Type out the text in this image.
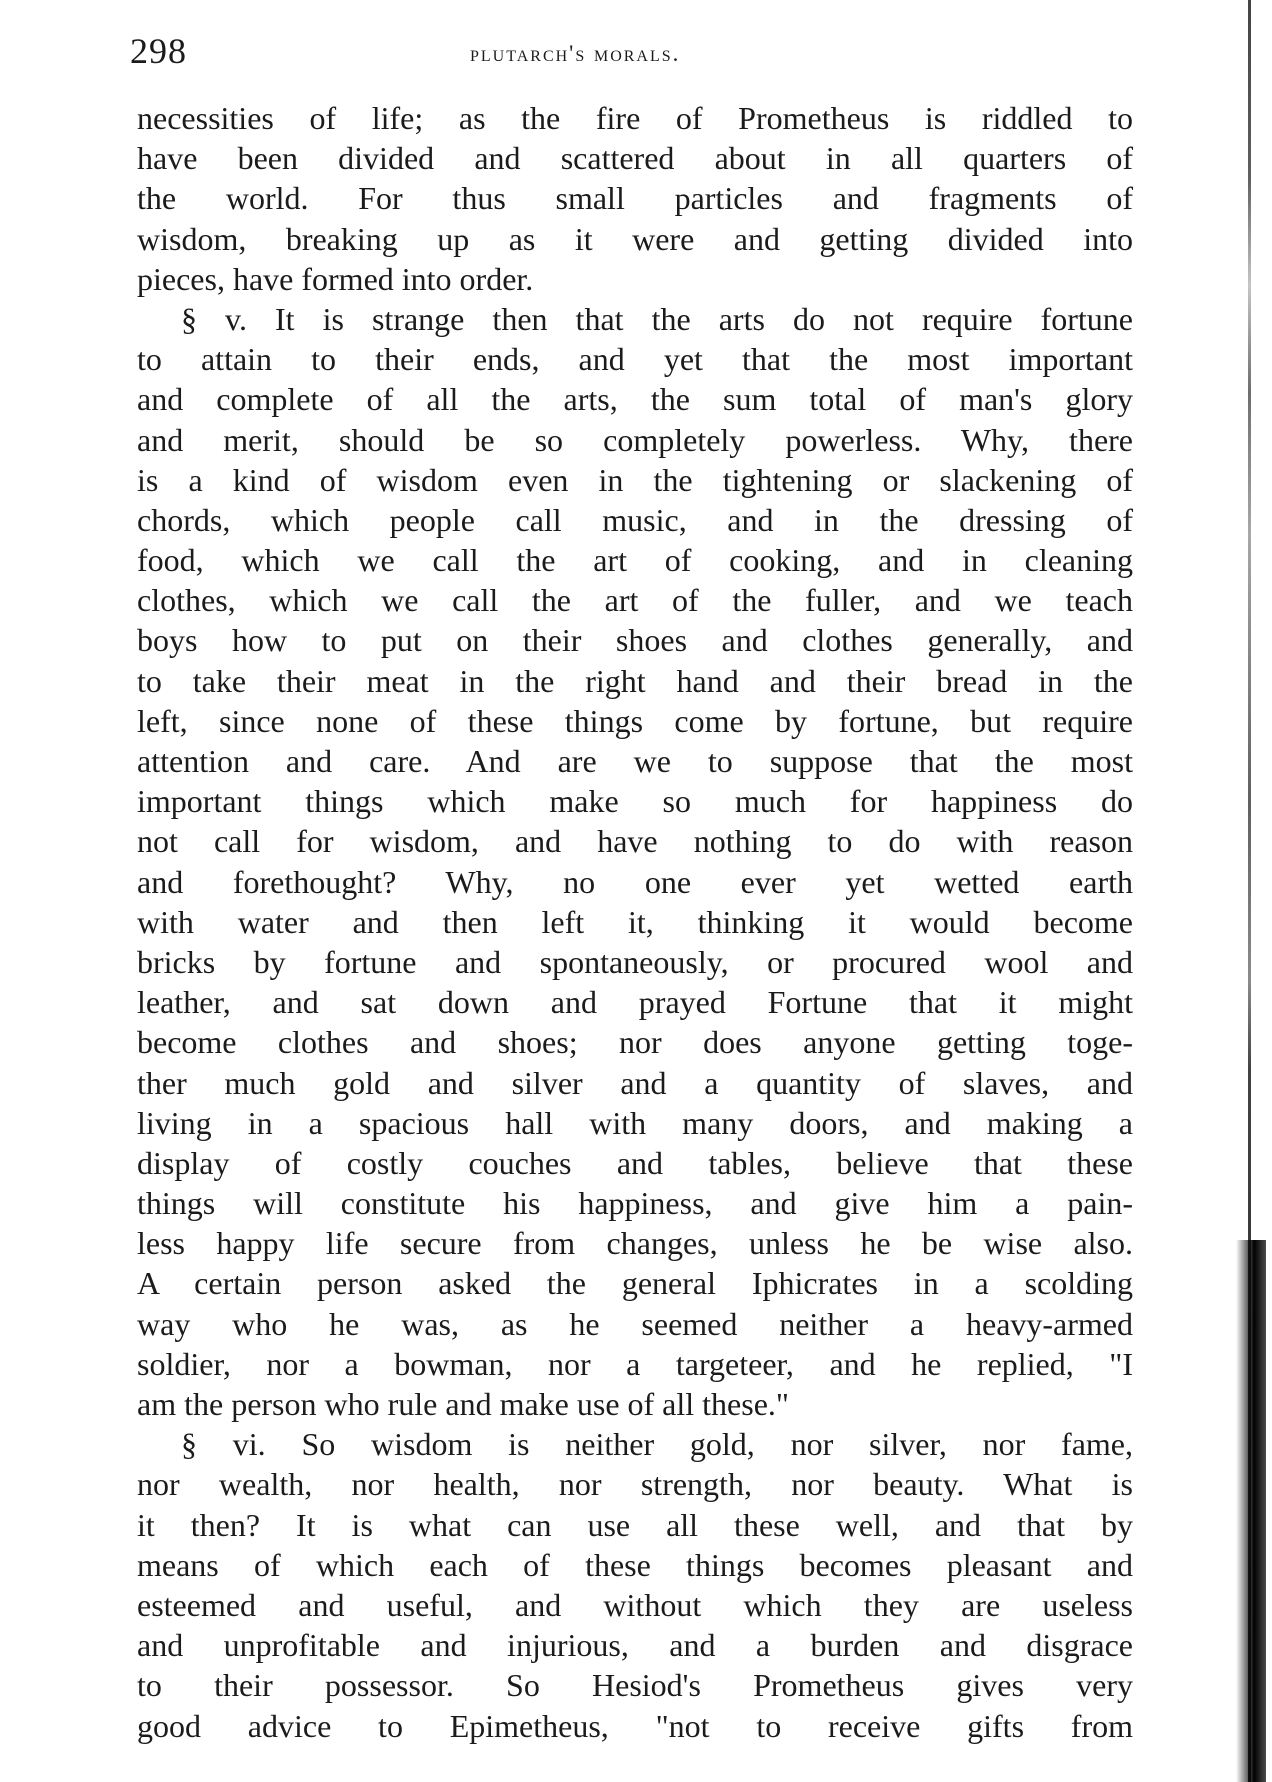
298	plutarch's morals.
necessities of life; as the fire of Prometheus is riddled to
have been divided and scattered about in all quarters of
the world. For thus small particles and fragments of
wisdom, breaking up as it were and getting divided into
pieces, have formed into order.
§ v. It is strange then that the arts do not require fortune
to attain to their ends, and yet that the most important
and complete of all the arts, the sum total of man's glory
and merit, should be so completely powerless. Why, there
is a kind of wisdom even in the tightening or slackening of
chords, which people call music, and in the dressing of
food, which we call the art of cooking, and in cleaning
clothes, which we call the art of the fuller, and we teach
boys how to put on their shoes and clothes generally, and
to take their meat in the right hand and their bread in the
left, since none of these things come by fortune, but require
attention and care. And are we to suppose that the most
important things which make so much for happiness do
not call for wisdom, and have nothing to do with reason
and forethought? Why, no one ever yet wetted earth
with water and then left it, thinking it would become
bricks by fortune and spontaneously, or procured wool and
leather, and sat down and prayed Fortune that it might
become clothes and shoes; nor does anyone getting toge-
ther much gold and silver and a quantity of slaves, and
living in a spacious hall with many doors, and making a
display of costly couches and tables, believe that these
things will constitute his happiness, and give him a pain-
less happy life secure from changes, unless he be wise also.
A certain person asked the general Iphicrates in a scolding
way who he was, as he seemed neither a heavy-armed
soldier, nor a bowman, nor a targeteer, and he replied, "I
am the person who rule and make use of all these."
§ vi. So wisdom is neither gold, nor silver, nor fame,
nor wealth, nor health, nor strength, nor beauty. What is
it then? It is what can use all these well, and that by
means of which each of these things becomes pleasant and
esteemed and useful, and without which they are useless
and unprofitable and injurious, and a burden and disgrace
to their possessor. So Hesiod's Prometheus gives very
good advice to Epimetheus, "not to receive gifts from
